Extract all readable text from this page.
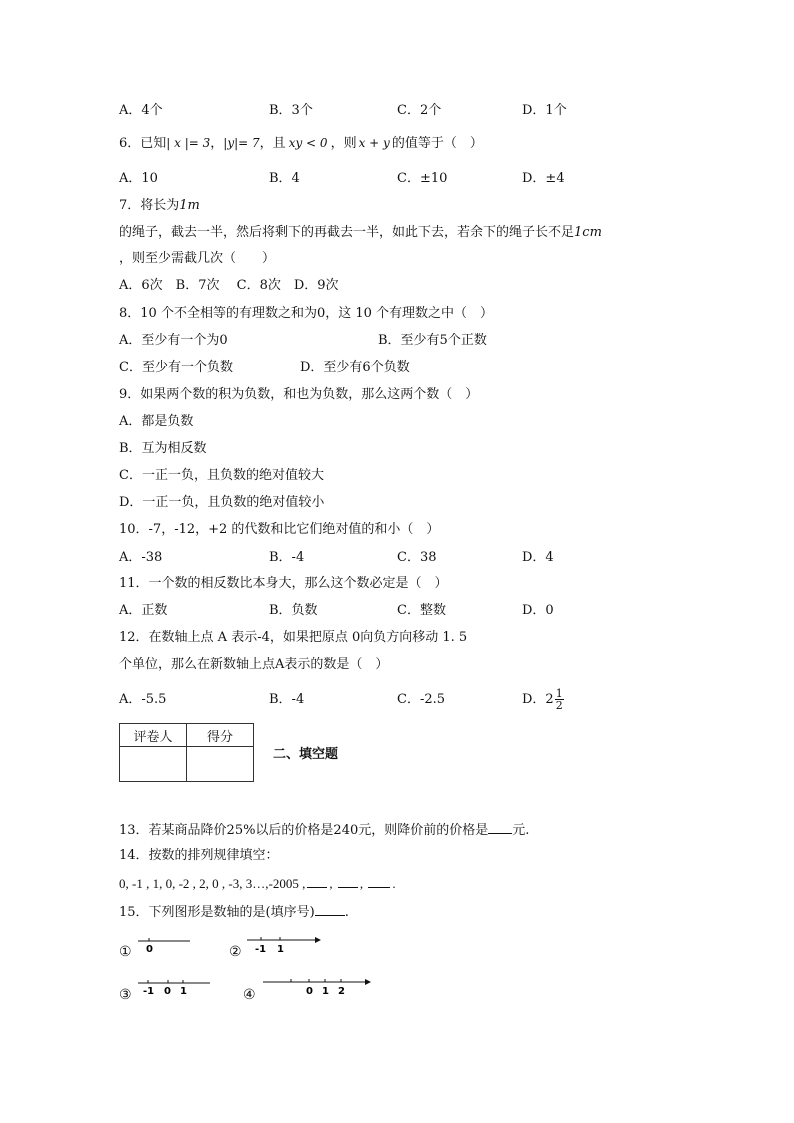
A．4个	B．3个	C．2个	D．1个
6．已知| x |= 3，|y|= 7，且 xy < 0 ，则 x + y 的值等于（　）
A．10	B．4	C．±10	D．±4
7．将长为1m
的绳子，截去一半，然后将剩下的再截去一半，如此下去，若余下的绳子长不足1cm
，则至少需截几次（　　）
A．6次　B．7次　 C．8次　D．9次
8．10 个不全相等的有理数之和为0，这 10 个有理数之中（　）
A．至少有一个为0	B．至少有5个正数
C．至少有一个负数	D．至少有6个负数
9．如果两个数的积为负数，和也为负数，那么这两个数（　）
A．都是负数
B．互为相反数
C．一正一负，且负数的绝对值较大
D．一正一负，且负数的绝对值较小
10．-7，-12，+2 的代数和比它们绝对值的和小（　）
A．-38	B．-4	C．38	D．4
11．一个数的相反数比本身大，那么这个数必定是（　）
A．正数	B．负数	C．整数	D．0
12．在数轴上点 A 表示-4，如果把原点 0向负方向移动 1. 5
个单位，那么在新数轴上点A表示的数是（　）
A．-5.5	B．-4	C．-2.5	D．$2 \frac{1}{2}$
评卷人	得分

二、填空题
13．若某商品降价25%以后的价格是240元，则降价前的价格是 元.
14．按数的排列规律填空：
0, -1 , 1, 0, -2 , 2, 0 , -3, 3…,-2005 , , , .
15．下列图形是数轴的是(填序号) .
① 0	② -1 1
③ -1 0 1	④	0 1 2
